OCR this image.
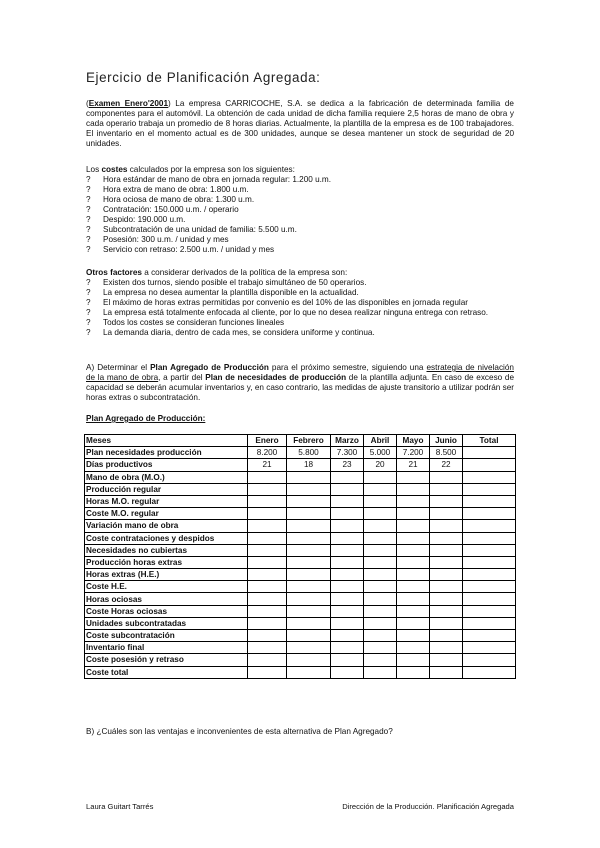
Ejercicio de Planificación Agregada:
(Examen Enero'2001) La empresa CARRICOCHE, S.A. se dedica a la fabricación de determinada familia de componentes para el automóvil. La obtención de cada unidad de dicha familia requiere 2,5 horas de mano de obra y cada operario trabaja un promedio de 8 horas diarias. Actualmente, la plantilla de la empresa es de 100 trabajadores. El inventario en el momento actual es de 300 unidades, aunque se desea mantener un stock de seguridad de 20 unidades.
Los costes calculados por la empresa son los siguientes:
? Hora estándar de mano de obra en jornada regular: 1.200 u.m.
? Hora extra de mano de obra: 1.800 u.m.
? Hora ociosa de mano de obra: 1.300 u.m.
? Contratación: 150.000 u.m. / operario
? Despido: 190.000 u.m.
? Subcontratación de una unidad de familia: 5.500 u.m.
? Posesión: 300 u.m. / unidad y mes
? Servicio con retraso: 2.500 u.m. / unidad y mes
Otros factores a considerar derivados de la política de la empresa son:
? Existen dos turnos, siendo posible el trabajo simultáneo de 50 operarios.
? La empresa no desea aumentar la plantilla disponible en la actualidad.
? El máximo de horas extras permitidas por convenio es del 10% de las disponibles en jornada regular
? La empresa está totalmente enfocada al cliente, por lo que no desea realizar ninguna entrega con retraso.
? Todos los costes se consideran funciones lineales
? La demanda diaria, dentro de cada mes, se considera uniforme y continua.
A) Determinar el Plan Agregado de Producción para el próximo semestre, siguiendo una estrategia de nivelación de la mano de obra, a partir del Plan de necesidades de producción de la plantilla adjunta. En caso de exceso de capacidad se deberán acumular inventarios y, en caso contrario, las medidas de ajuste transitorio a utilizar podrán ser horas extras o subcontratación.
Plan Agregado de Producción:
Meses	Enero	Febrero	Marzo	Abril	Mayo	Junio	Total
Plan necesidades producción	8.200	5.800	7.300	5.000	7.200	8.500	
Días productivos	21	18	23	20	21	22	
Mano de obra (M.O.)							
Producción regular							
Horas M.O. regular							
Coste M.O. regular							
Variación mano de obra							
Coste contrataciones y despidos							
Necesidades no cubiertas							
Producción horas extras							
Horas extras (H.E.)							
Coste H.E.							
Horas ociosas							
Coste Horas ociosas							
Unidades subcontratadas							
Coste subcontratación							
Inventario final							
Coste posesión y retraso							
Coste total							
B) ¿Cuáles son las ventajas e inconvenientes de esta alternativa de Plan Agregado?
Laura Guitart Tarrés	Dirección de la Producción. Planificación Agregada
